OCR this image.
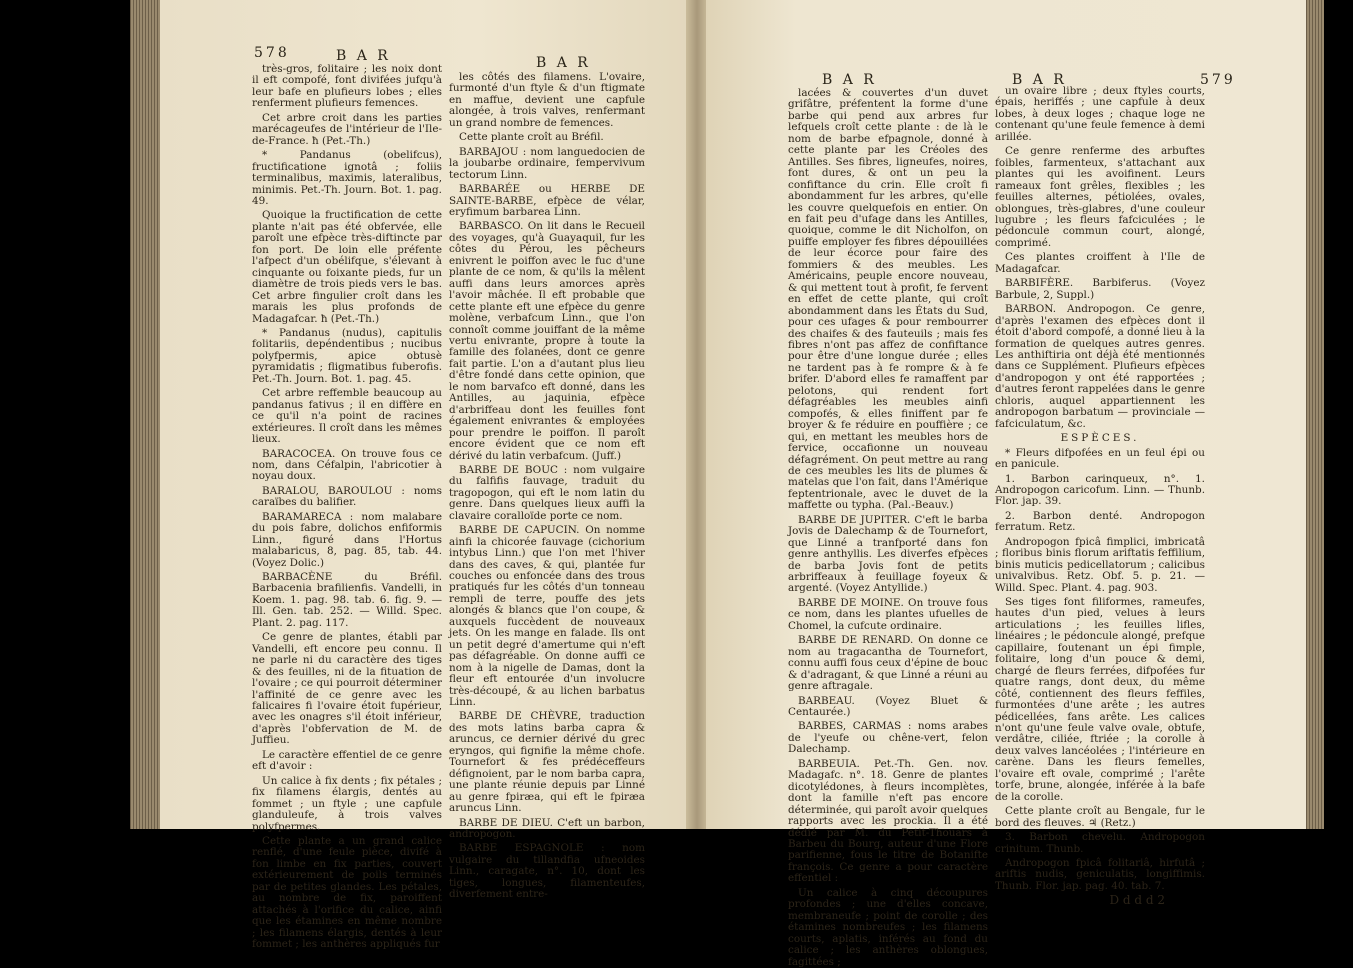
578	B A R	B A R

très-gros, folitaire ; les noix dont il eft compofé, font divifées jufqu'à leur bafe en plufieurs lobes ; elles renferment plufieurs femences.

Cet arbre croit dans les parties marécageufes de l'intérieur de l'Ile-de-France. ħ (Pet.-Th.)

* Pandanus (obelifcus), fructificatione ignotâ ; foliis terminalibus, maximis, lateralibus, minimis. Pet.-Th. Journ. Bot. 1. pag. 49.

Quoique la fructification de cette plante n'ait pas été obfervée, elle paroît une efpèce très-diftincte par fon port. De loin elle préfente l'afpect d'un obélifque, s'élevant à cinquante ou foixante pieds, fur un diamètre de trois pieds vers le bas. Cet arbre fingulier croît dans les marais les plus profonds de Madagafcar. ħ (Pet.-Th.)

* Pandanus (nudus), capitulis folitariis, depéndentibus ; nucibus polyfpermis, apice obtusè pyramidatis ; fligmatibus fuberofis. Pet.-Th. Journ. Bot. 1. pag. 45.

Cet arbre reffemble beaucoup au pandanus fativus ; il en diffère en ce qu'il n'a point de racines extérieures. Il croît dans les mêmes lieux.

BARACOCEA. On trouve fous ce nom, dans Céfalpin, l'abricotier à noyau doux.

BARALOU, BAROULOU : noms caraïbes du balifier.

BARAMARECA : nom malabare du pois fabre, dolichos enfiformis Linn., figuré dans l'Hortus malabaricus, 8, pag. 85, tab. 44. (Voyez Dolic.)

BARBACÈNE du Bréfil. Barbacenia brafilienfis. Vandelli, in Koem. 1. pag. 98. tab. 6. fig. 9. — Ill. Gen. tab. 252. — Willd. Spec. Plant. 2. pag. 117.

Ce genre de plantes, établi par Vandelli, eft encore peu connu. Il ne parle ni du caractère des tiges & des feuilles, ni de la fituation de l'ovaire ; ce qui pourroit déterminer l'affinité de ce genre avec les falicaires fi l'ovaire étoit fupérieur, avec les onagres s'il étoit inférieur, d'après l'obfervation de M. de Juffieu.

Le caractère effentiel de ce genre eft d'avoir :

Un calice à fix dents ; fix pétales ; fix filamens élargis, dentés au fommet ; un ftyle ; une capfule glanduleufe, à trois valves polyfpermes.

Cette plante a un grand calice renflé, d'une feule pièce, divifé à fon limbe en fix parties, couvert extérieurement de poils terminés par de petites glandes. Les pétales, au nombre de fix, paroiffent attachés à l'orifice du calice, ainfi que les étamines en même nombre ; les filamens élargis, dentés à leur fommet ; les anthères appliqués fur

les côtés des filamens. L'ovaire, furmonté d'un ftyle & d'un ftigmate en maffue, devient une capfule alongée, à trois valves, renfermant un grand nombre de femences.

Cette plante croît au Bréfil.

BARBAJOU : nom languedocien de la joubarbe ordinaire, fempervivum tectorum Linn.

BARBARÉE ou HERBE DE SAINTE-BARBE, efpèce de vélar, eryfimum barbarea Linn.

BARBASCO. On lit dans le Recueil des voyages, qu'à Guayaquil, fur les côtes du Pérou, les pêcheurs enivrent le poiffon avec le fuc d'une plante de ce nom, & qu'ils la mêlent auffi dans leurs amorces après l'avoir mâchée. Il eft probable que cette plante eft une efpèce du genre molène, verbafcum Linn., que l'on connoît comme jouiffant de la même vertu enivrante, propre à toute la famille des folanées, dont ce genre fait partie. L'on a d'autant plus lieu d'être fondé dans cette opinion, que le nom barvafco eft donné, dans les Antilles, au jaquinia, efpèce d'arbriffeau dont les feuilles font également enivrantes & employées pour prendre le poiffon. Il paroît encore évident que ce nom eft dérivé du latin verbafcum. (Juff.)

BARBE DE BOUC : nom vulgaire du falfifis fauvage, traduit du tragopogon, qui eft le nom latin du genre. Dans quelques lieux auffi la clavaire coralloïde porte ce nom.

BARBE DE CAPUCIN. On nomme ainfi la chicorée fauvage (cichorium intybus Linn.) que l'on met l'hiver dans des caves, & qui, plantée fur couches ou enfoncée dans des trous pratiqués fur les côtés d'un tonneau rempli de terre, pouffe des jets alongés & blancs que l'on coupe, & auxquels fuccèdent de nouveaux jets. On les mange en falade. Ils ont un petit degré d'amertume qui n'eft pas défagréable. On donne auffi ce nom à la nigelle de Damas, dont la fleur eft entourée d'un involucre très-découpé, & au lichen barbatus Linn.

BARBE DE CHÈVRE, traduction des mots latins barba capra & aruncus, ce dernier dérivé du grec eryngos, qui fignifie la même chofe. Tournefort & fes prédéceffeurs défignoient, par le nom barba capra, une plante réunie depuis par Linné au genre fpiræa, qui eft le fpiræa aruncus Linn.

BARBE DE DIEU. C'eft un barbon, andropogon.

BARBE ESPAGNOLE : nom vulgaire du tillandfia ufneoides Linn., caragate, n°. 10, dont les tiges, longues, filamenteufes, diverfement entre-

B A R	B A R	579

lacées & couvertes d'un duvet grifâtre, préfentent la forme d'une barbe qui pend aux arbres fur lefquels croît cette plante : de là le nom de barbe efpagnole, donné à cette plante par les Créoles des Antilles. Ses fibres, ligneufes, noires, font dures, & ont un peu la confiftance du crin. Elle croît fi abondamment fur les arbres, qu'elle les couvre quelquefois en entier. On en fait peu d'ufage dans les Antilles, quoique, comme le dit Nicholfon, on puiffe employer fes fibres dépouillées de leur écorce pour faire des fommiers & des meubles. Les Américains, peuple encore nouveau, & qui mettent tout à profit, fe fervent en effet de cette plante, qui croît abondamment dans les États du Sud, pour ces ufages & pour rembourrer des chaifes & des fauteuils ; mais fes fibres n'ont pas affez de confiftance pour être d'une longue durée ; elles ne tardent pas à fe rompre & à fe brifer. D'abord elles fe ramaffent par pelotons, qui rendent fort défagréables les meubles ainfi compofés, & elles finiffent par fe broyer & fe réduire en pouffière ; ce qui, en mettant les meubles hors de fervice, occafionne un nouveau défagrément. On peut mettre au rang de ces meubles les lits de plumes & matelas que l'on fait, dans l'Amérique feptentrionale, avec le duvet de la maffette ou typha. (Pal.-Beauv.)

BARBE DE JUPITER. C'eft le barba Jovis de Dalechamp & de Tournefort, que Linné a tranfporté dans fon genre anthyllis. Les diverfes efpèces de barba Jovis font de petits arbriffeaux à feuillage foyeux & argenté. (Voyez Antyllide.)

BARBE DE MOINE. On trouve fous ce nom, dans les plantes ufuelles de Chomel, la cufcute ordinaire.

BARBE DE RENARD. On donne ce nom au tragacantha de Tournefort, connu auffi fous ceux d'épine de bouc & d'adragant, & que Linné a réuni au genre aftragale.

BARBEAU. (Voyez Bluet & Centaurée.)

BARBES, CARMAS : noms arabes de l'yeufe ou chêne-vert, felon Dalechamp.

BARBEUIA. Pet.-Th. Gen. nov. Madagafc. n°. 18. Genre de plantes dicotylédones, à fleurs incomplètes, dont la famille n'eft pas encore déterminée, qui paroît avoir quelques rapports avec les prockia. Il a été dédié par M. du Petit-Thouars à Barbeu du Bourg, auteur d'une Flore parifienne, fous le titre de Botanifte françois. Ce genre a pour caractère effentiel :

Un calice à cinq découpures profondes ; une d'elles concave, membraneufe ; point de corolle ; des étamines nombreufes ; les filamens courts, aplatis, inférés au fond du calice ; les anthères oblongues, fagittées ;

un ovaire libre ; deux ftyles courts, épais, heriffés ; une capfule à deux lobes, à deux loges ; chaque loge ne contenant qu'une feule femence à demi arillée.

Ce genre renferme des arbuftes foibles, farmenteux, s'attachant aux plantes qui les avoifinent. Leurs rameaux font grêles, flexibles ; les feuilles alternes, pétiolées, ovales, oblongues, très-glabres, d'une couleur lugubre ; les fleurs fafciculées ; le pédoncule commun court, alongé, comprimé.

Ces plantes croiffent à l'Ile de Madagafcar.

BARBIFÈRE. Barbiferus. (Voyez Barbule, 2, Suppl.)

BARBON. Andropogon. Ce genre, d'après l'examen des efpèces dont il étoit d'abord compofé, a donné lieu à la formation de quelques autres genres. Les anthiftiria ont déjà été mentionnés dans ce Supplément. Plufieurs efpèces d'andropogon y ont été rapportées ; d'autres feront rappelées dans le genre chloris, auquel appartiennent les andropogon barbatum — provinciale — fafciculatum, &c.

ESPÈCES.

* Fleurs difpofées en un feul épi ou en panicule.

1. Barbon carinqueux, n°. 1. Andropogon caricofum. Linn. — Thunb. Flor. jap. 39.

2. Barbon denté. Andropogon ferratum. Retz.

Andropogon fpicâ fimplici, imbricatâ ; floribus binis florum ariftatis feffilium, binis muticis pedicellatorum ; calicibus univalvibus. Retz. Obf. 5. p. 21. — Willd. Spec. Plant. 4. pag. 903.

Ses tiges font filiformes, rameufes, hautes d'un pied, velues à leurs articulations ; les feuilles lifles, linéaires ; le pédoncule alongé, prefque capillaire, foutenant un épi fimple, folitaire, long d'un pouce & demi, chargé de fleurs ferrées, difpofées fur quatre rangs, dont deux, du même côté, contiennent des fleurs feffiles, furmontées d'une arête ; les autres pédicellées, fans arête. Les calices n'ont qu'une feule valve ovale, obtufe, verdâtre, ciliée, ftriée ; la corolle à deux valves lancéolées ; l'intérieure en carène. Dans les fleurs femelles, l'ovaire eft ovale, comprimé ; l'arête torfe, brune, alongée, inférée à la bafe de la corolle.

Cette plante croît au Bengale, fur le bord des fleuves. ♃ (Retz.)

3. Barbon chevelu. Andropogon crinitum. Thunb.

Andropogon fpicâ folitariâ, hirfutâ ; ariftis nudis, geniculatis, longiffimis. Thunb. Flor. jap. pag. 40. tab. 7.

D d d d 2
